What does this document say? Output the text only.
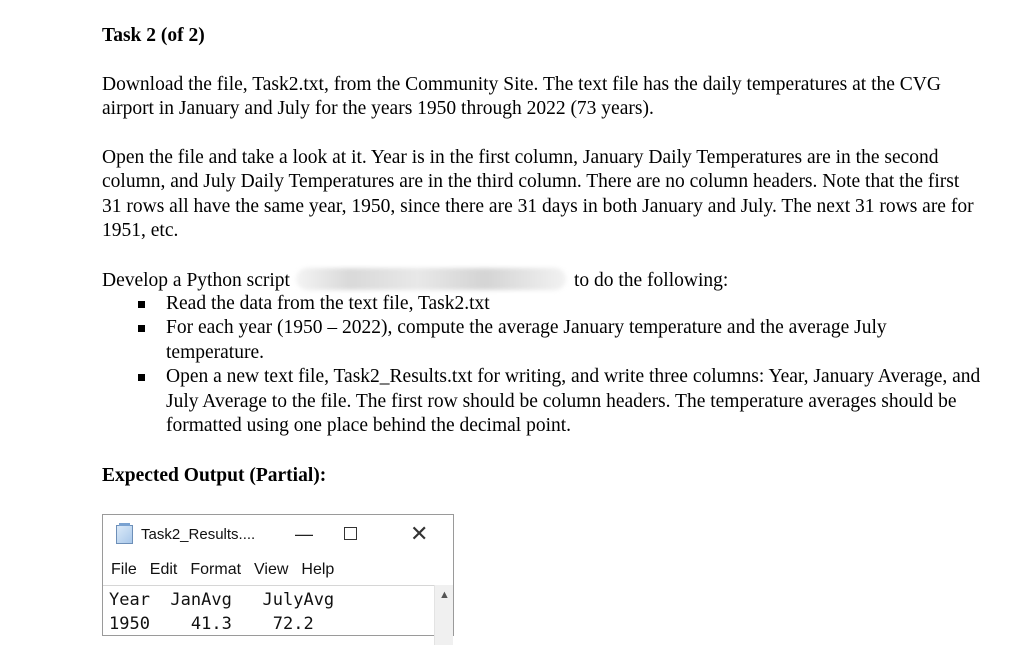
Task 2 (of 2)

Download the file, Task2.txt, from the Community Site. The text file has the daily temperatures at the CVG airport in January and July for the years 1950 through 2022 (73 years).

Open the file and take a look at it. Year is in the first column, January Daily Temperatures are in the second column, and July Daily Temperatures are in the third column. There are no column headers. Note that the first 31 rows all have the same year, 1950, since there are 31 days in both January and July. The next 31 rows are for 1951, etc.

Develop a Python script	to do the following:

Read the data from the text file, Task2.txt
For each year (1950 – 2022), compute the average January temperature and the average July temperature.
Open a new text file, Task2_Results.txt for writing, and write three columns: Year, January Average, and July Average to the file. The first row should be column headers. The temperature averages should be formatted using one place behind the decimal point.
Expected Output (Partial):
Task2_Results.... —	✕
File Edit Format View Help
Year  JanAvg   JulyAvg
1950    41.3    72.2
▲
